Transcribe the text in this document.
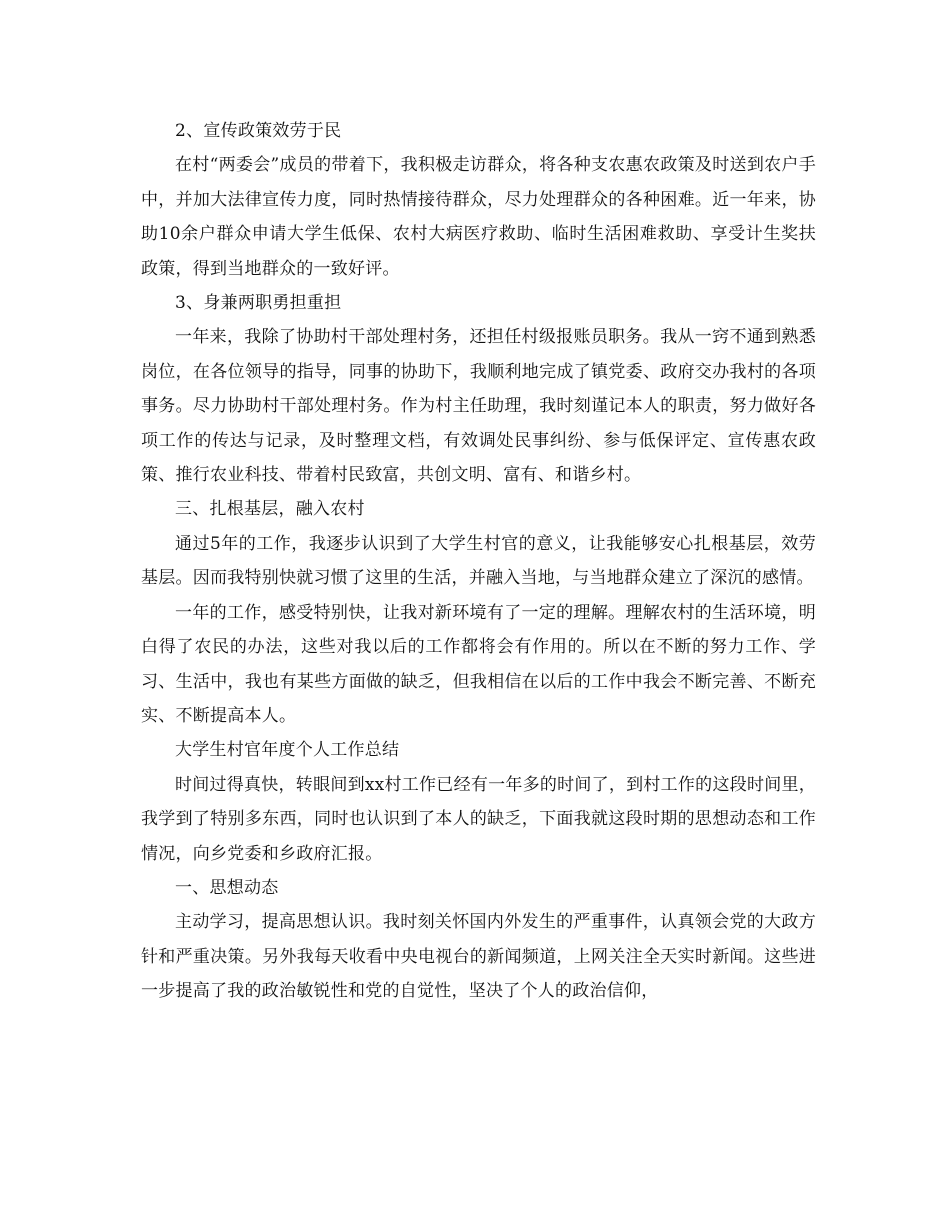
2、宣传政策效劳于民

在村“两委会”成员的带着下，我积极走访群众，将各种支农惠农政策及时送到农户手中，并加大法律宣传力度，同时热情接待群众，尽力处理群众的各种困难。近一年来，协助10余户群众申请大学生低保、农村大病医疗救助、临时生活困难救助、享受计生奖扶政策，得到当地群众的一致好评。

3、身兼两职勇担重担

一年来，我除了协助村干部处理村务，还担任村级报账员职务。我从一窍不通到熟悉岗位，在各位领导的指导，同事的协助下，我顺利地完成了镇党委、政府交办我村的各项事务。尽力协助村干部处理村务。作为村主任助理，我时刻谨记本人的职责，努力做好各项工作的传达与记录，及时整理文档，有效调处民事纠纷、参与低保评定、宣传惠农政策、推行农业科技、带着村民致富，共创文明、富有、和谐乡村。

三、扎根基层，融入农村

通过5年的工作，我逐步认识到了大学生村官的意义，让我能够安心扎根基层，效劳基层。因而我特别快就习惯了这里的生活，并融入当地，与当地群众建立了深沉的感情。

一年的工作，感受特别快，让我对新环境有了一定的理解。理解农村的生活环境，明白得了农民的办法，这些对我以后的工作都将会有作用的。所以在不断的努力工作、学习、生活中，我也有某些方面做的缺乏，但我相信在以后的工作中我会不断完善、不断充实、不断提高本人。

大学生村官年度个人工作总结

时间过得真快，转眼间到xx村工作已经有一年多的时间了，到村工作的这段时间里，我学到了特别多东西，同时也认识到了本人的缺乏，下面我就这段时期的思想动态和工作情况，向乡党委和乡政府汇报。

一、思想动态

主动学习，提高思想认识。我时刻关怀国内外发生的严重事件，认真领会党的大政方针和严重决策。另外我每天收看中央电视台的新闻频道，上网关注全天实时新闻。这些进一步提高了我的政治敏锐性和党的自觉性，坚决了个人的政治信仰，
